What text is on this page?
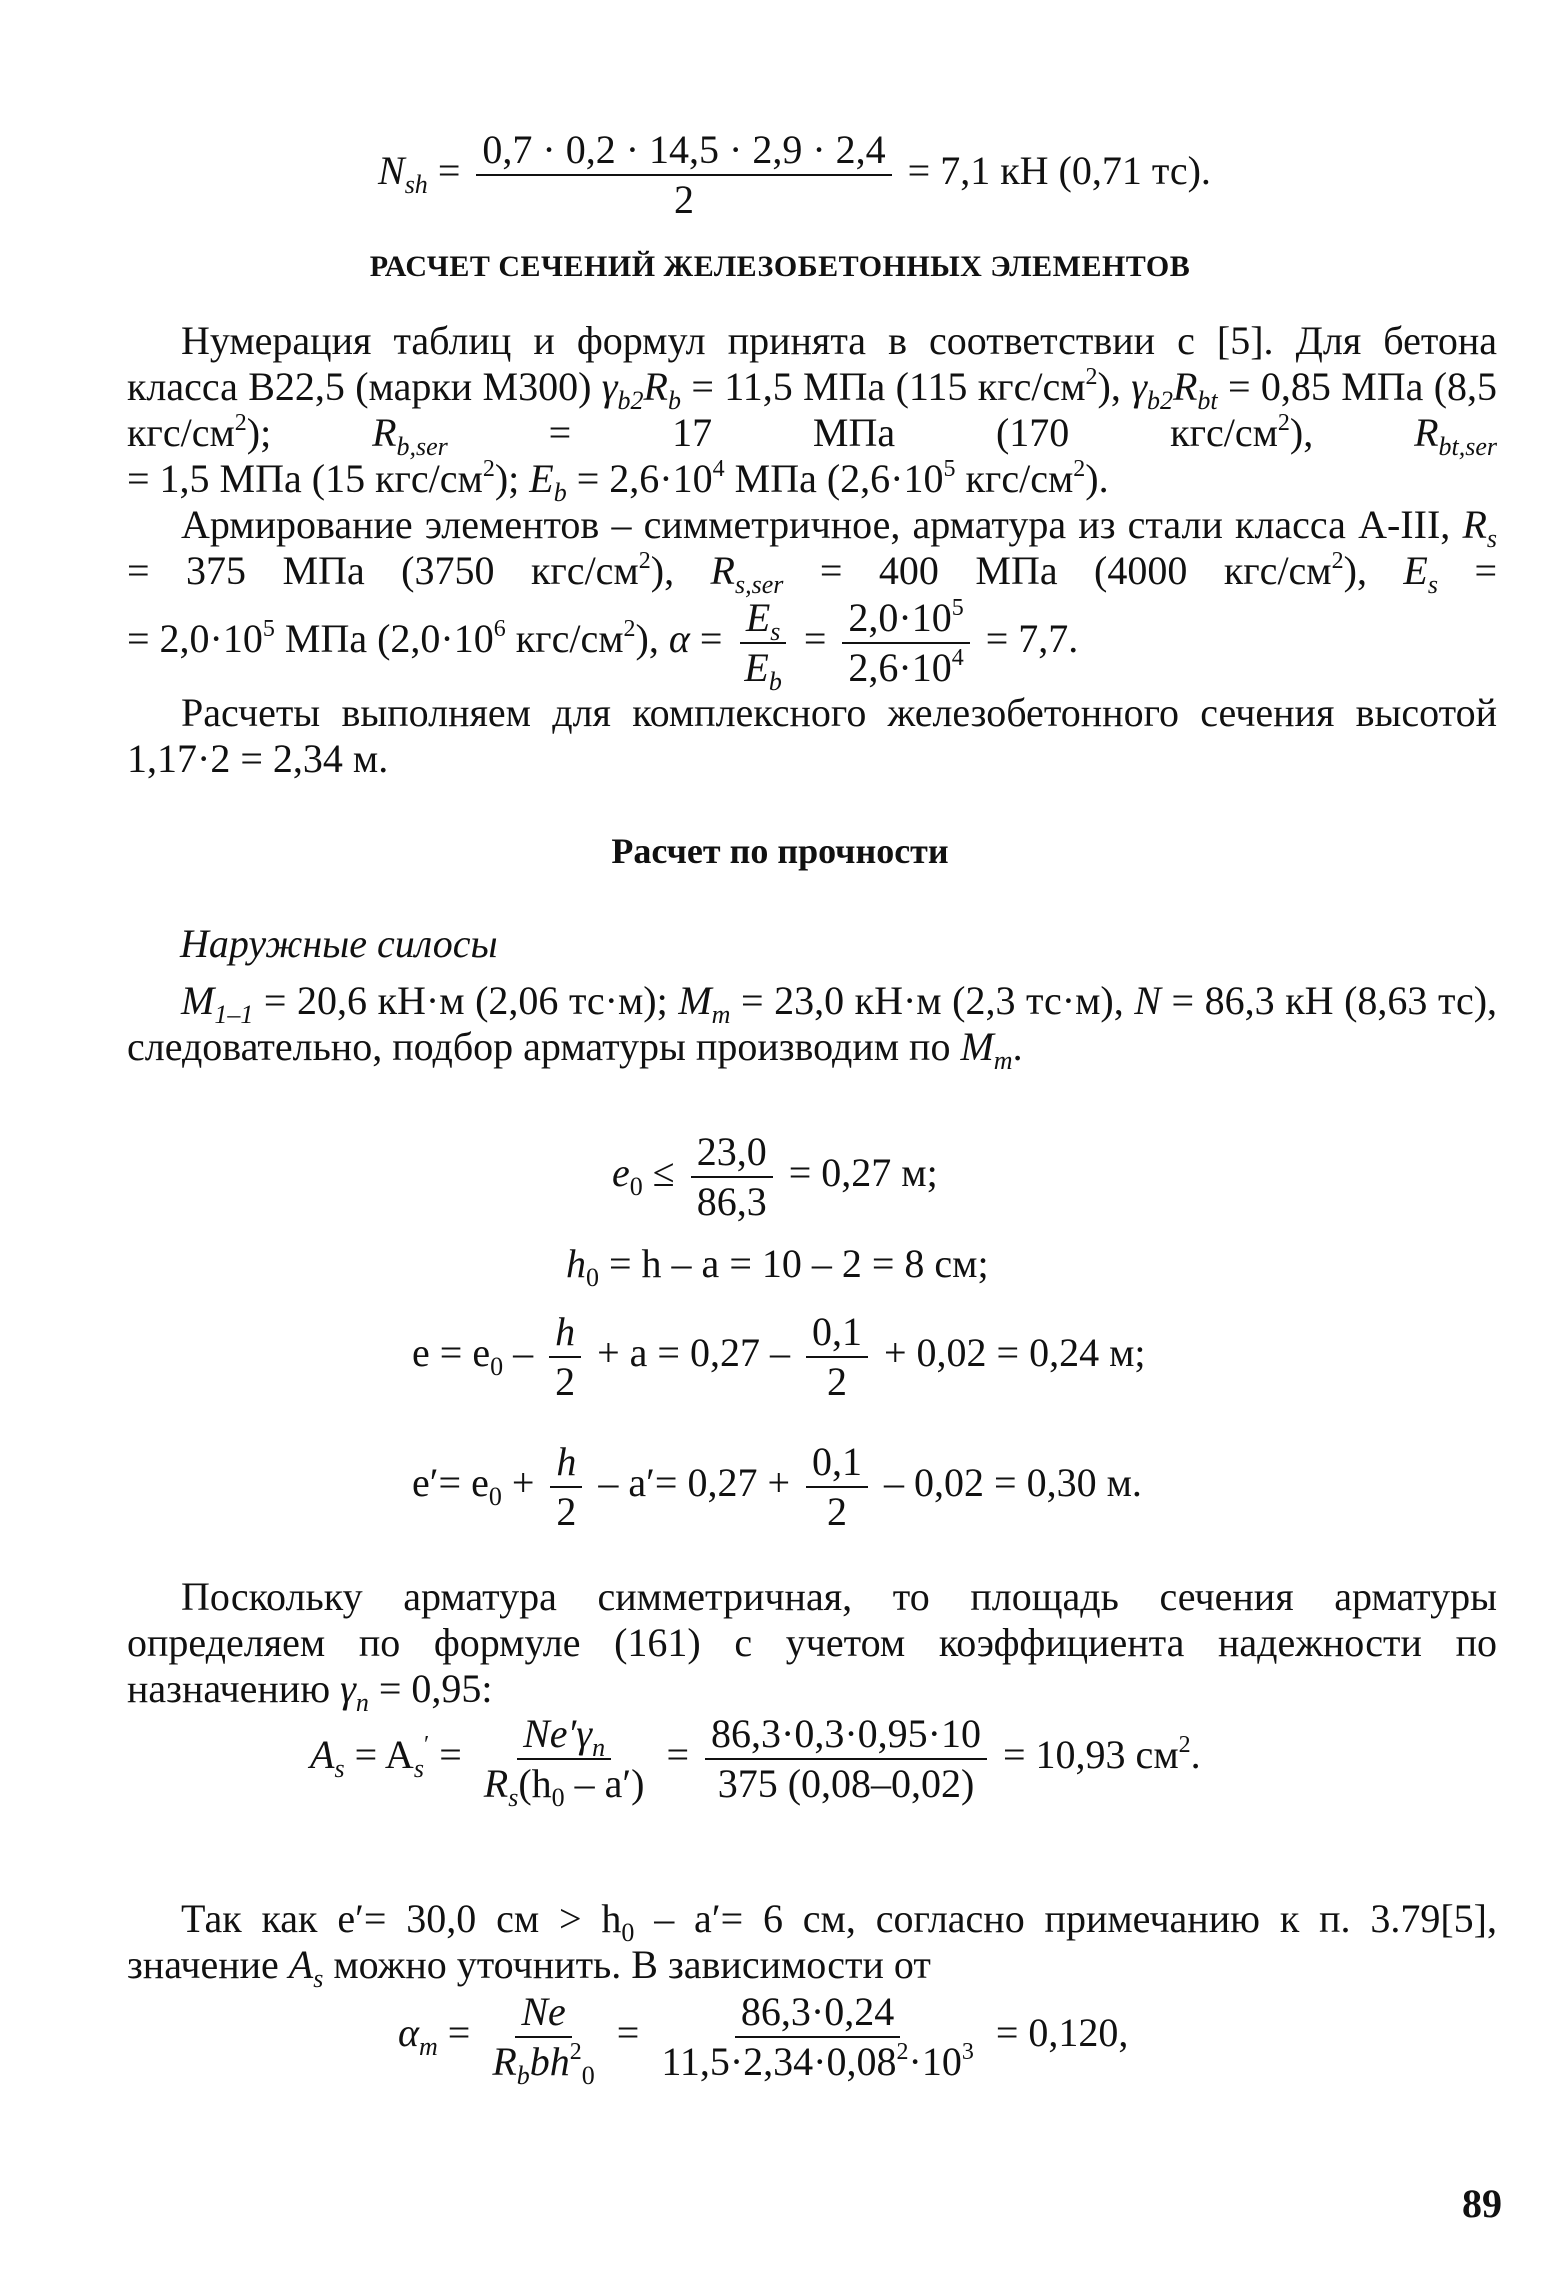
$N_{sh} = \frac{0,7 \cdot 0,2 \cdot 14,5 \cdot 2,9 \cdot 2,4}{2} = 7,1$ кН (0,71 тс).
РАСЧЕТ СЕЧЕНИЙ ЖЕЛЕЗОБЕТОННЫХ ЭЛЕМЕНТОВ
Нумерация таблиц и формул принята в соответствии с [5]. Для бетона класса В22,5 (марки М300) $\gamma_{b2}R_b = 11,5$ МПа (115 кгс/$см^2$), $\gamma_{b2}R_{bt} = 0,85$ МПа (8,5 кгс/$см^2$); $R_{b,ser}$	= 17 МПа (170 кгс/$см^2$), $R_{bt,ser}$
= 1,5 МПа (15 кгс/$см^2$); $E_b = 2,6\cdot 10^4$ МПа ($2,6\cdot 10^5$ кгс/$см^2$).
Армирование элементов – симметричное, арматура из стали класса А-III, $R_s = 375$ МПа (3750 кгс/$см^2$), $R_{s,ser} = 400$ МПа (4000 кгс/$см^2$), $E_s$ =
= $2,0\cdot 10^5$ МПа ($2,0\cdot 10^6$ кгс/$см^2$), $\alpha = \frac{E_s}{E_b} = \frac{2,0\cdot 10^5}{2,6\cdot 10^4} = 7,7$.
Расчеты выполняем для комплексного железобетонного сечения высотой 1,17·2 = 2,34 м.
Расчет по прочности
Наружные силосы
$M_{1-1} = 20,6$ кН·м (2,06 тс·м); $M_m = 23,0$ кН·м (2,3 тс·м), N = 86,3 кН (8,63 тс), следовательно, подбор арматуры производим по $M_m$.
$e_0 \le \frac{23,0}{86,3} = 0,27$ м;
$h_0 = h - a = 10 - 2 = 8$ см;
$e = e_0 - \frac{h}{2} + a = 0,27 - \frac{0,1}{2} + 0,02 = 0,24$ м;
$e'= e_0 + \frac{h}{2} - a'= 0,27 + \frac{0,1}{2} - 0,02 = 0,30$ м.
Поскольку арматура симметричная, то площадь сечения арматуры определяем по формуле (161) с учетом коэффициента надежности по назначению $\gamma_n = 0,95$:
$A_s = A_s' = \frac{Ne'\gamma_n}{R_s(h_0 - a')} = \frac{86,3\cdot 0,3\cdot 0,95\cdot 10}{375 (0,08-0,02)} = 10,93$ $см^2$.
Так как e′= 30,0 см > $h_0 - a'= 6$ см, согласно примечанию к п. 3.79[5], значение $A_s$ можно уточнить. В зависимости от
$\alpha_m = \frac{Ne}{R_bbh^2_0} = \frac{86,3\cdot 0,24}{11,5\cdot 2,34\cdot 0,08^2\cdot 10^3} = 0,120$,
89
